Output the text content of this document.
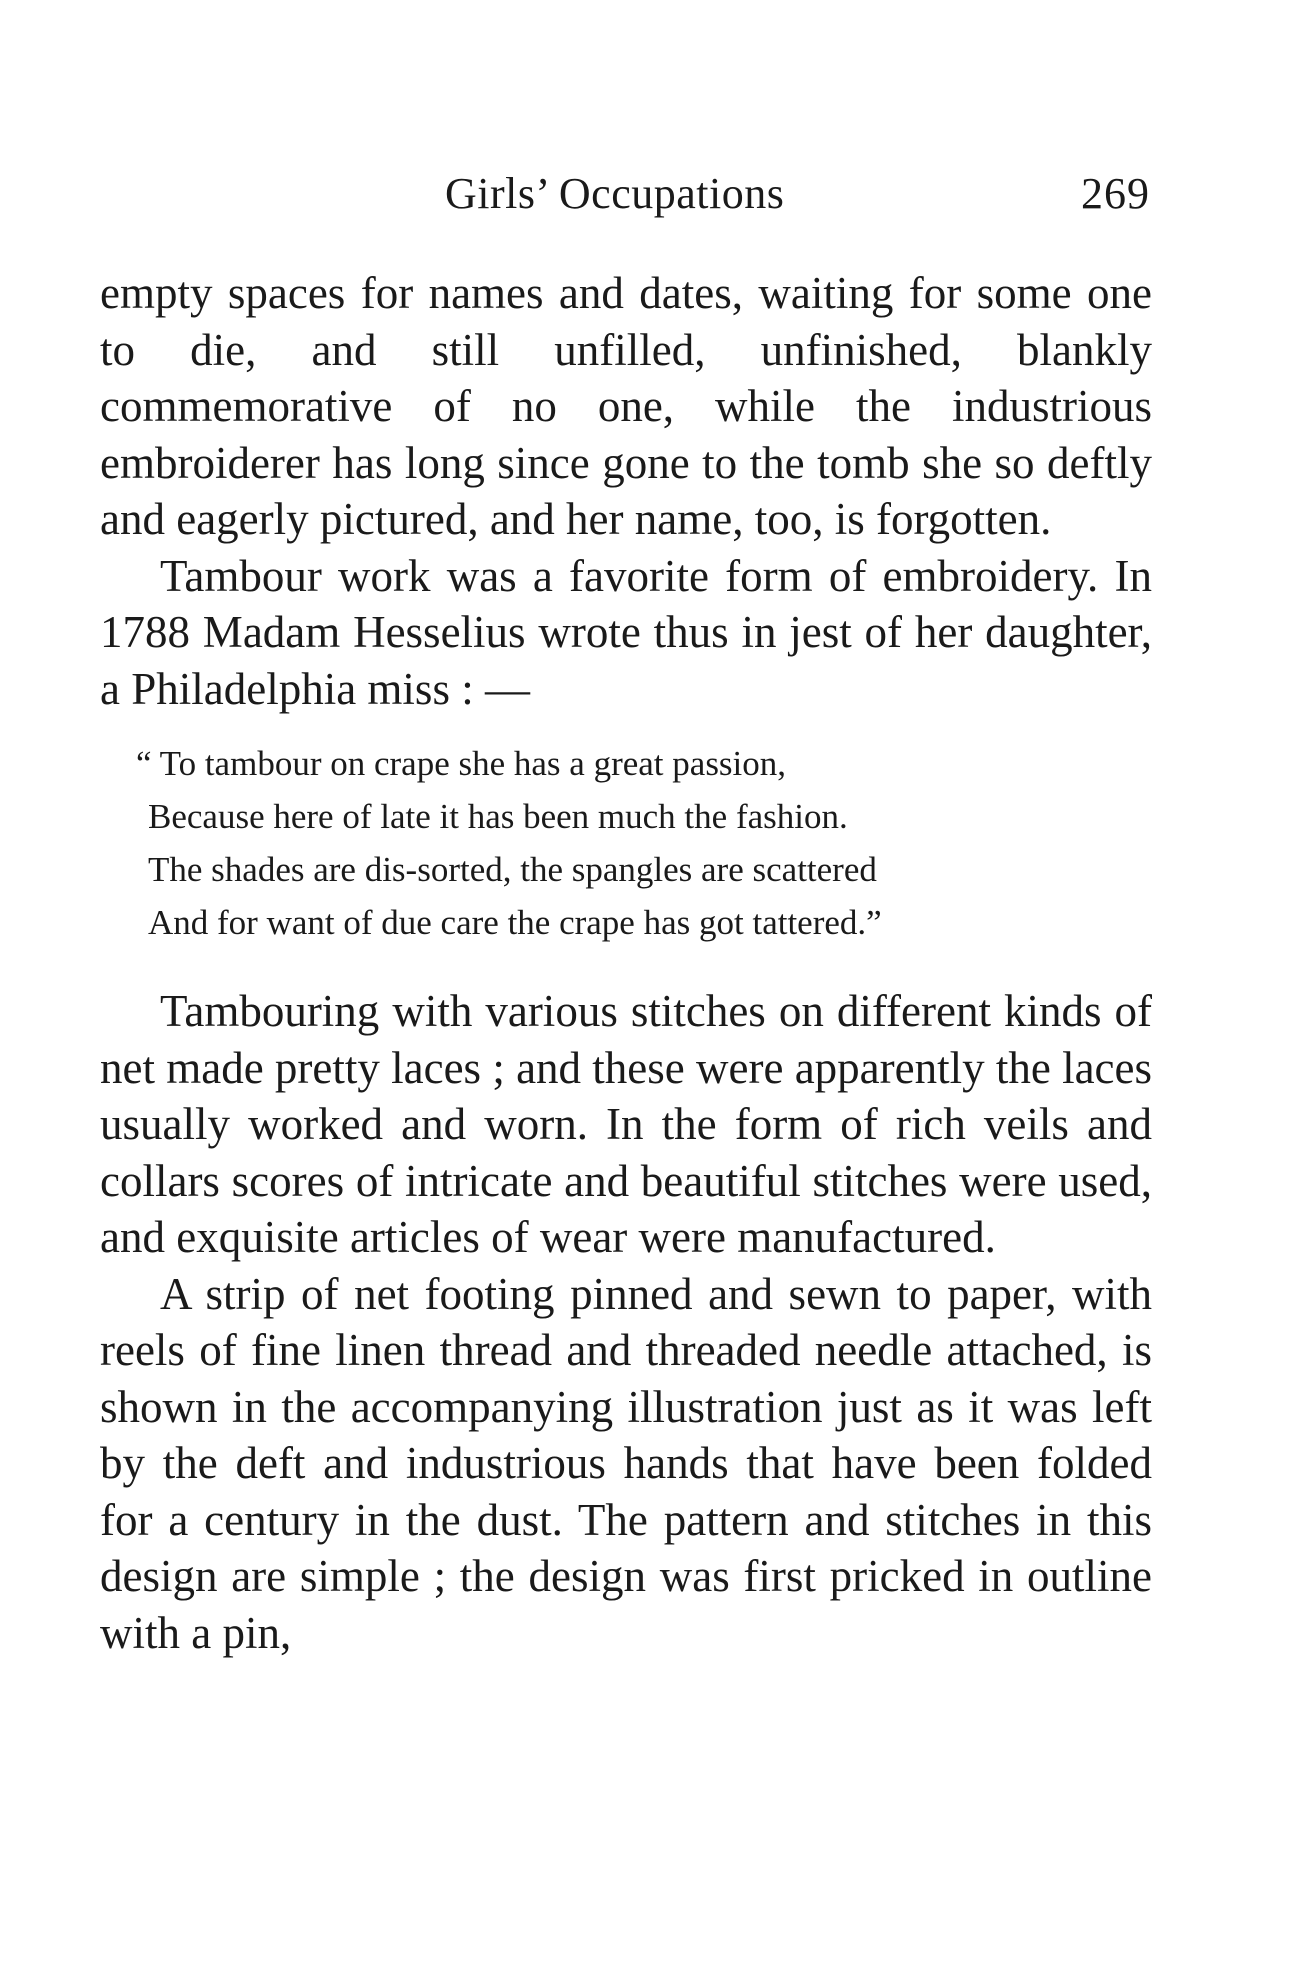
Girls’ Occupations	269

empty spaces for names and dates, waiting for some one to die, and still unfilled, unfinished, blankly commemorative of no one, while the industrious embroiderer has long since gone to the tomb she so deftly and eagerly pictured, and her name, too, is forgotten.

Tambour work was a favorite form of embroidery. In 1788 Madam Hesselius wrote thus in jest of her daughter, a Philadelphia miss : —

“ To tambour on crape she has a great passion,
Because here of late it has been much the fashion.
The shades are dis-sorted, the spangles are scattered
And for want of due care the crape has got tattered.”

Tambouring with various stitches on different kinds of net made pretty laces ; and these were apparently the laces usually worked and worn. In the form of rich veils and collars scores of intricate and beautiful stitches were used, and exquisite articles of wear were manufactured.

A strip of net footing pinned and sewn to paper, with reels of fine linen thread and threaded needle attached, is shown in the accompanying illustration just as it was left by the deft and industrious hands that have been folded for a century in the dust. The pattern and stitches in this design are simple ; the design was first pricked in outline with a pin,
